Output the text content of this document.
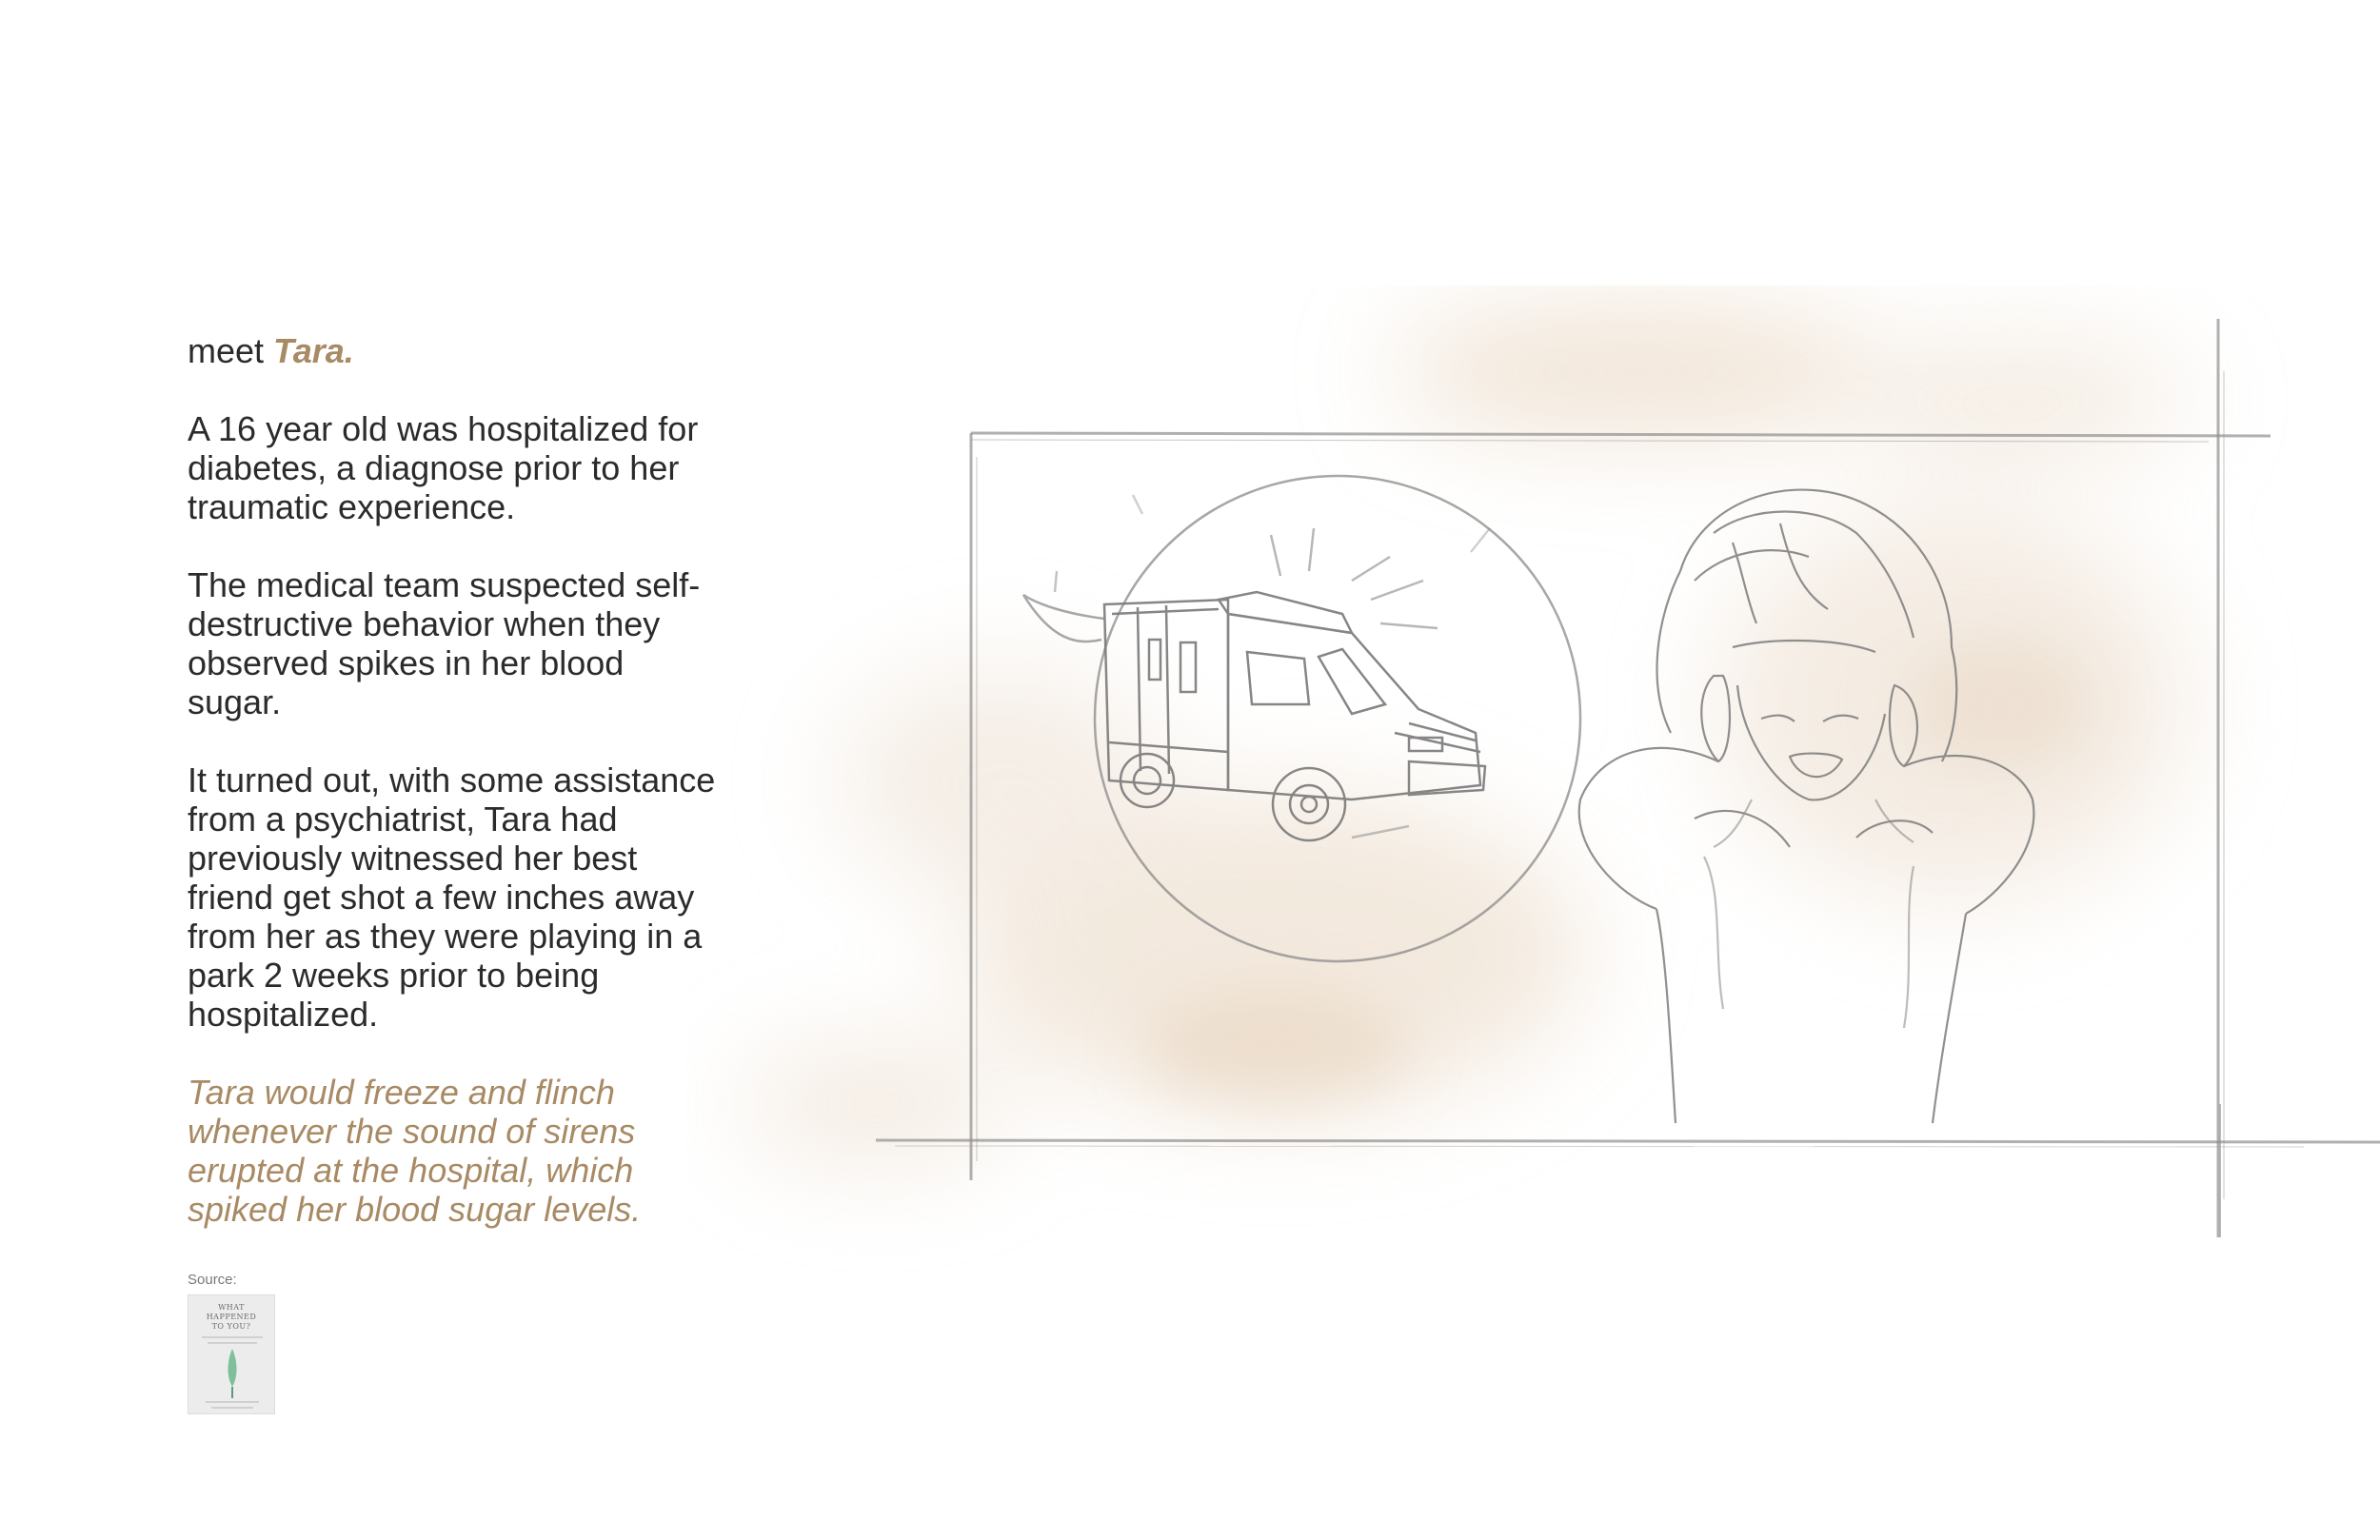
meet Tara.

A 16 year old was hospitalized for diabetes, a diagnose prior to her traumatic experience.

The medical team suspected self-destructive behavior when they observed spikes in her blood sugar.

It turned out, with some assistance from a psychiatrist, Tara had previously witnessed her best friend get shot a few inches away from her as they were playing in a park 2 weeks prior to being hospitalized.

Tara would freeze and flinch whenever the sound of sirens erupted at the hospital, which spiked her blood sugar levels.

Source:
WHAT
HAPPENED
TO YOU?
